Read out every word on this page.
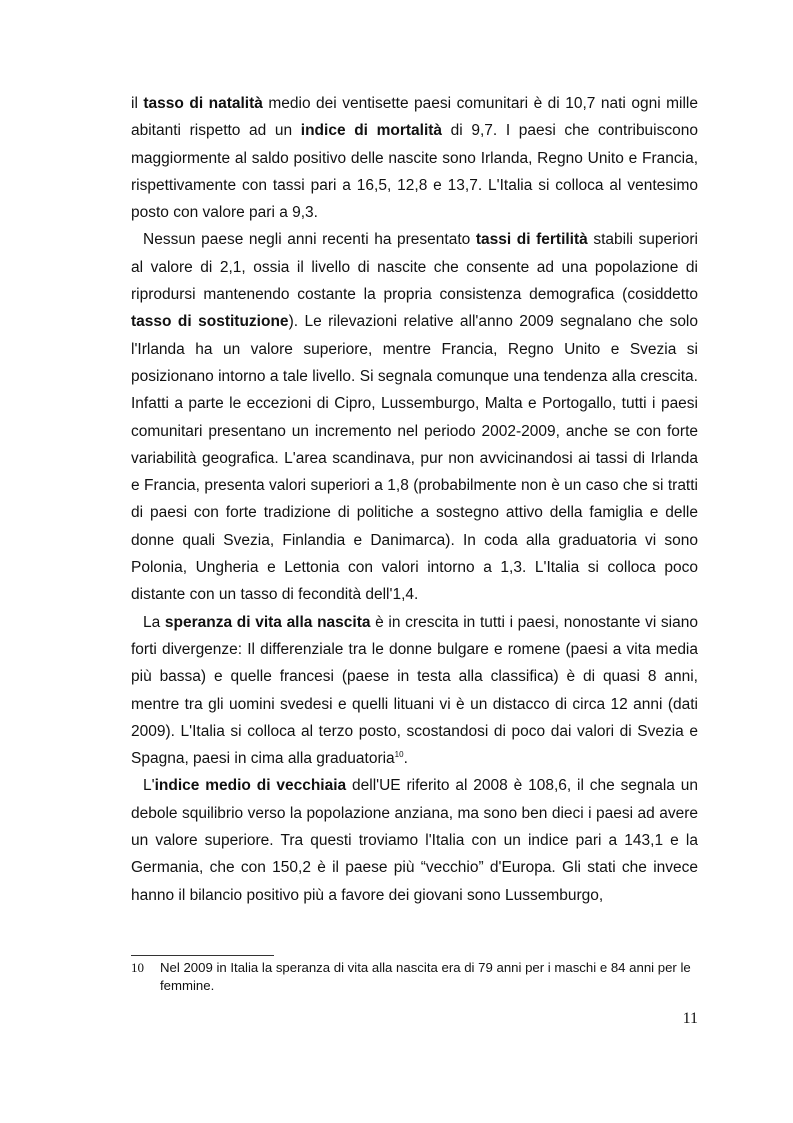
il tasso di natalità medio dei ventisette paesi comunitari è di 10,7 nati ogni mille abitanti rispetto ad un indice di mortalità di 9,7. I paesi che contribuiscono maggiormente al saldo positivo delle nascite sono Irlanda, Regno Unito e Francia, rispettivamente con tassi pari a 16,5, 12,8 e 13,7. L'Italia si colloca al ventesimo posto con valore pari a 9,3.

Nessun paese negli anni recenti ha presentato tassi di fertilità stabili superiori al valore di 2,1, ossia il livello di nascite che consente ad una popolazione di riprodursi mantenendo costante la propria consistenza demografica (cosiddetto tasso di sostituzione). Le rilevazioni relative all'anno 2009 segnalano che solo l'Irlanda ha un valore superiore, mentre Francia, Regno Unito e Svezia si posizionano intorno a tale livello. Si segnala comunque una tendenza alla crescita. Infatti a parte le eccezioni di Cipro, Lussemburgo, Malta e Portogallo, tutti i paesi comunitari presentano un incremento nel periodo 2002-2009, anche se con forte variabilità geografica. L'area scandinava, pur non avvicinandosi ai tassi di Irlanda e Francia, presenta valori superiori a 1,8 (probabilmente non è un caso che si tratti di paesi con forte tradizione di politiche a sostegno attivo della famiglia e delle donne quali Svezia, Finlandia e Danimarca). In coda alla graduatoria vi sono Polonia, Ungheria e Lettonia con valori intorno a 1,3. L'Italia si colloca poco distante con un tasso di fecondità dell'1,4.

La speranza di vita alla nascita è in crescita in tutti i paesi, nonostante vi siano forti divergenze: Il differenziale tra le donne bulgare e romene (paesi a vita media più bassa) e quelle francesi (paese in testa alla classifica) è di quasi 8 anni, mentre tra gli uomini svedesi e quelli lituani vi è un distacco di circa 12 anni (dati 2009). L'Italia si colloca al terzo posto, scostandosi di poco dai valori di Svezia e Spagna, paesi in cima alla graduatoria$^{10}$.

L'indice medio di vecchiaia dell'UE riferito al 2008 è 108,6, il che segnala un debole squilibrio verso la popolazione anziana, ma sono ben dieci i paesi ad avere un valore superiore. Tra questi troviamo l'Italia con un indice pari a 143,1 e la Germania, che con 150,2 è il paese più “vecchio” d'Europa. Gli stati che invece hanno il bilancio positivo più a favore dei giovani sono Lussemburgo,

10 Nel 2009 in Italia la speranza di vita alla nascita era di 79 anni per i maschi e 84 anni per le femmine.
11
